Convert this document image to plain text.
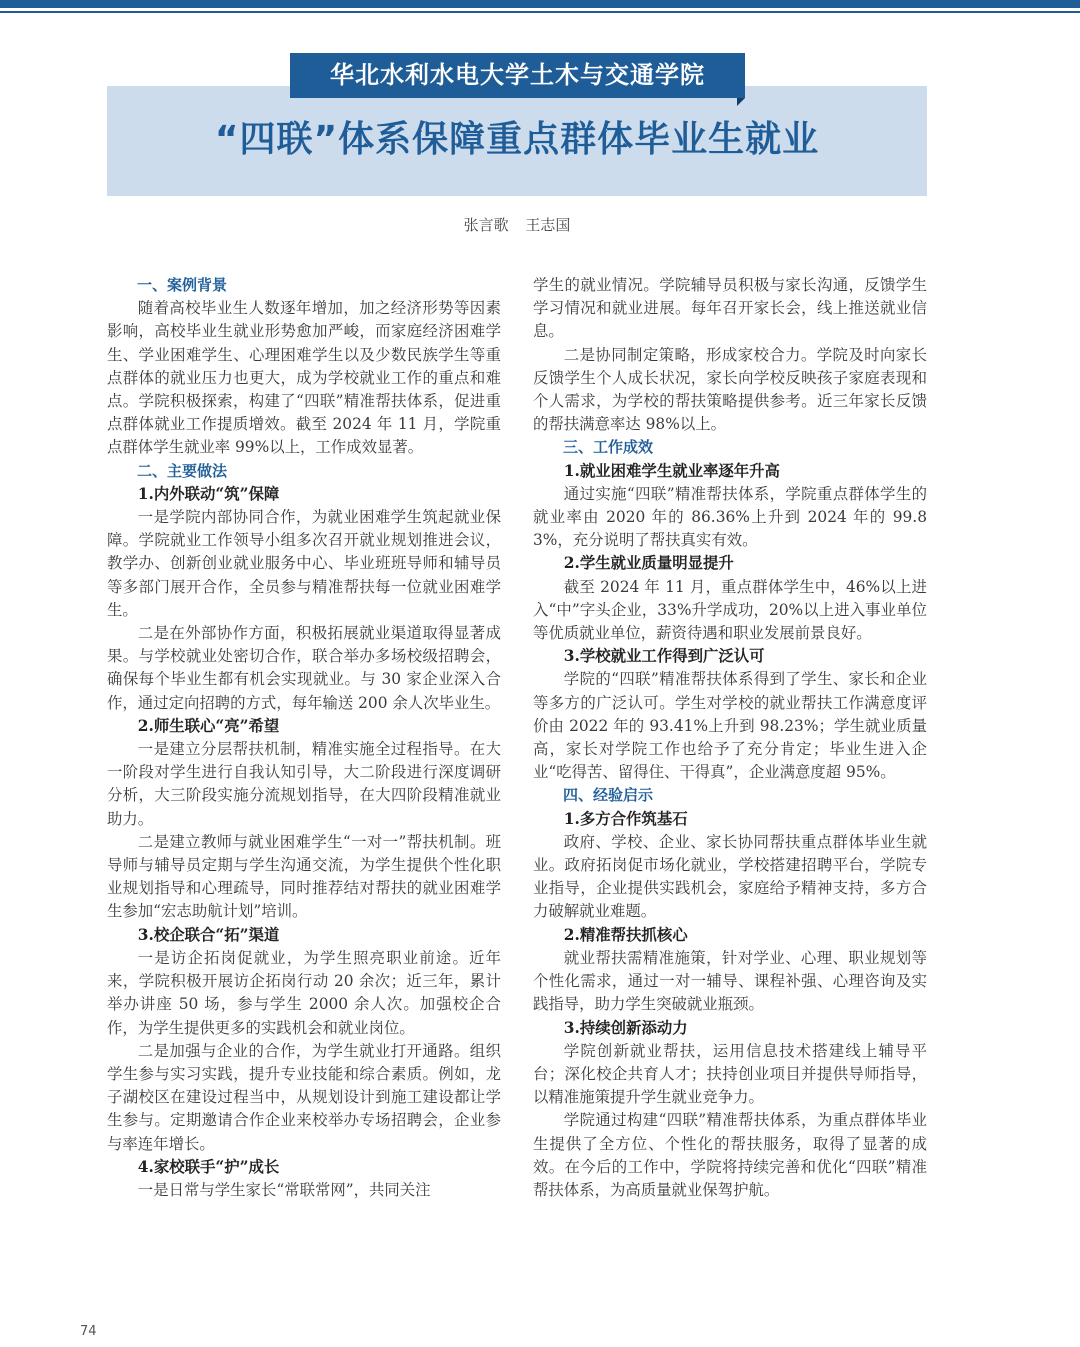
华北水利水电大学土木与交通学院
“四联”体系保障重点群体毕业生就业
张言歌 王志国

一、案例背景

随着高校毕业生人数逐年增加，加之经济形势等因素影响，高校毕业生就业形势愈加严峻，而家庭经济困难学生、学业困难学生、心理困难学生以及少数民族学生等重点群体的就业压力也更大，成为学校就业工作的重点和难点。学院积极探索，构建了“四联”精准帮扶体系，促进重点群体就业工作提质增效。截至 2024 年 11 月，学院重点群体学生就业率 99%以上，工作成效显著。

二、主要做法

1.内外联动“筑”保障

一是学院内部协同合作，为就业困难学生筑起就业保障。学院就业工作领导小组多次召开就业规划推进会议，教学办、创新创业就业服务中心、毕业班班导师和辅导员等多部门展开合作，全员参与精准帮扶每一位就业困难学生。

二是在外部协作方面，积极拓展就业渠道取得显著成果。与学校就业处密切合作，联合举办多场校级招聘会，确保每个毕业生都有机会实现就业。与 30 家企业深入合作，通过定向招聘的方式，每年输送 200 余人次毕业生。

2.师生联心“亮”希望

一是建立分层帮扶机制，精准实施全过程指导。在大一阶段对学生进行自我认知引导，大二阶段进行深度调研分析，大三阶段实施分流规划指导，在大四阶段精准就业助力。

二是建立教师与就业困难学生“一对一”帮扶机制。班导师与辅导员定期与学生沟通交流，为学生提供个性化职业规划指导和心理疏导，同时推荐结对帮扶的就业困难学生参加“宏志助航计划”培训。

3.校企联合“拓”渠道

一是访企拓岗促就业，为学生照亮职业前途。近年来，学院积极开展访企拓岗行动 20 余次；近三年，累计举办讲座 50 场，参与学生 2000 余人次。加强校企合作，为学生提供更多的实践机会和就业岗位。

二是加强与企业的合作，为学生就业打开通路。组织学生参与实习实践，提升专业技能和综合素质。例如，龙子湖校区在建设过程当中，从规划设计到施工建设都让学生参与。定期邀请合作企业来校举办专场招聘会，企业参与率连年增长。

4.家校联手“护”成长

一是日常与学生家长“常联常网”，共同关注

学生的就业情况。学院辅导员积极与家长沟通，反馈学生学习情况和就业进展。每年召开家长会，线上推送就业信息。

二是协同制定策略，形成家校合力。学院及时向家长反馈学生个人成长状况，家长向学校反映孩子家庭表现和个人需求，为学校的帮扶策略提供参考。近三年家长反馈的帮扶满意率达 98%以上。

三、工作成效

1.就业困难学生就业率逐年升高

通过实施“四联”精准帮扶体系，学院重点群体学生的就业率由 2020 年的 86.36%上升到 2024 年的 99.83%，充分说明了帮扶真实有效。

2.学生就业质量明显提升

截至 2024 年 11 月，重点群体学生中，46%以上进入“中”字头企业，33%升学成功，20%以上进入事业单位等优质就业单位，薪资待遇和职业发展前景良好。

3.学校就业工作得到广泛认可

学院的“四联”精准帮扶体系得到了学生、家长和企业等多方的广泛认可。学生对学校的就业帮扶工作满意度评价由 2022 年的 93.41%上升到 98.23%；学生就业质量高，家长对学院工作也给予了充分肯定；毕业生进入企业“吃得苦、留得住、干得真”，企业满意度超 95%。

四、经验启示

1.多方合作筑基石

政府、学校、企业、家长协同帮扶重点群体毕业生就业。政府拓岗促市场化就业，学校搭建招聘平台，学院专业指导，企业提供实践机会，家庭给予精神支持，多方合力破解就业难题。

2.精准帮扶抓核心

就业帮扶需精准施策，针对学业、心理、职业规划等个性化需求，通过一对一辅导、课程补强、心理咨询及实践指导，助力学生突破就业瓶颈。

3.持续创新添动力

学院创新就业帮扶，运用信息技术搭建线上辅导平台；深化校企共育人才；扶持创业项目并提供导师指导，以精准施策提升学生就业竞争力。

学院通过构建“四联”精准帮扶体系，为重点群体毕业生提供了全方位、个性化的帮扶服务，取得了显著的成效。在今后的工作中，学院将持续完善和优化“四联”精准帮扶体系，为高质量就业保驾护航。

74
